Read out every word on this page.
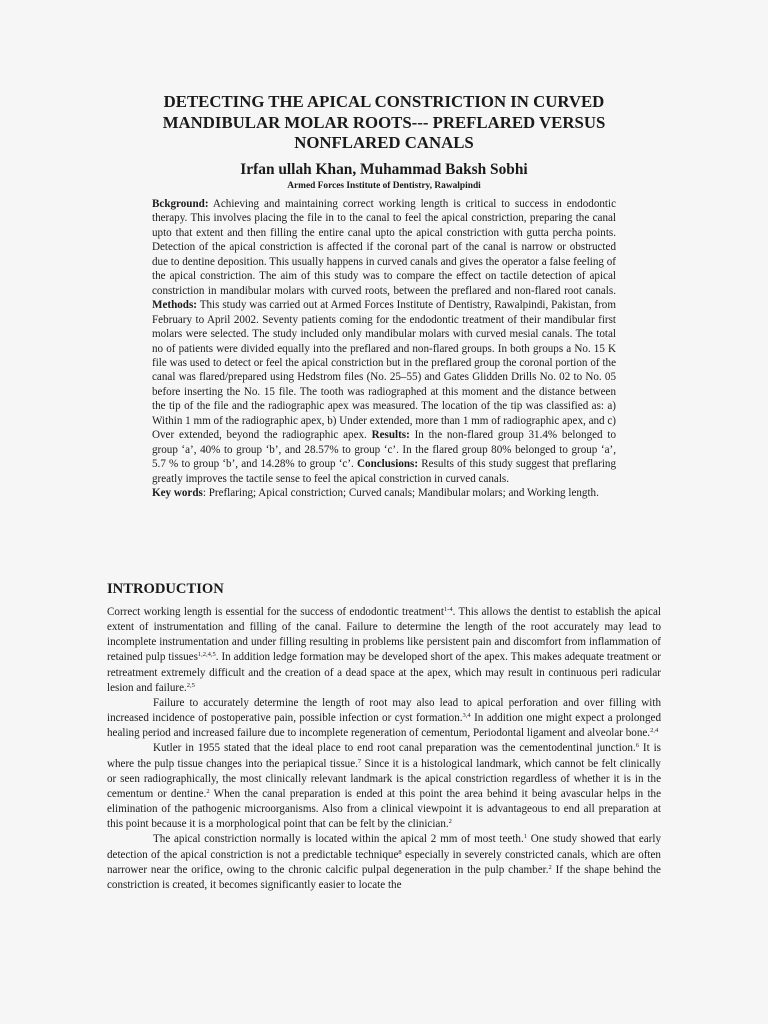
DETECTING THE APICAL CONSTRICTION IN CURVED
MANDIBULAR MOLAR ROOTS--- PREFLARED VERSUS
NONFLARED CANALS
Irfan ullah Khan, Muhammad Baksh Sobhi
Armed Forces Institute of Dentistry, Rawalpindi

Bckground: Achieving and maintaining correct working length is critical to success in endodontic therapy. This involves placing the file in to the canal to feel the apical constriction, preparing the canal upto that extent and then filling the entire canal upto the apical constriction with gutta percha points. Detection of the apical constriction is affected if the coronal part of the canal is narrow or obstructed due to dentine deposition. This usually happens in curved canals and gives the operator a false feeling of the apical constriction. The aim of this study was to compare the effect on tactile detection of apical constriction in mandibular molars with curved roots, between the preflared and non-flared root canals. Methods: This study was carried out at Armed Forces Institute of Dentistry, Rawalpindi, Pakistan, from February to April 2002. Seventy patients coming for the endodontic treatment of their mandibular first molars were selected. The study included only mandibular molars with curved mesial canals. The total no of patients were divided equally into the preflared and non-flared groups. In both groups a No. 15 K file was used to detect or feel the apical constriction but in the preflared group the coronal portion of the canal was flared/prepared using Hedstrom files (No. 25–55) and Gates Glidden Drills No. 02 to No. 05 before inserting the No. 15 file. The tooth was radiographed at this moment and the distance between the tip of the file and the radiographic apex was measured. The location of the tip was classified as: a) Within 1 mm of the radiographic apex, b) Under extended, more than 1 mm of radiographic apex, and c) Over extended, beyond the radiographic apex. Results: In the non-flared group 31.4% belonged to group ‘a’, 40% to group ‘b’, and 28.57% to group ‘c’. In the flared group 80% belonged to group ‘a’, 5.7 % to group ‘b’, and 14.28% to group ‘c’. Conclusions: Results of this study suggest that preflaring greatly improves the tactile sense to feel the apical constriction in curved canals.
Key words: Preflaring; Apical constriction; Curved canals; Mandibular molars; and Working length.

INTRODUCTION

Correct working length is essential for the success of endodontic treatment$^{1-4}$. This allows the dentist to establish the apical extent of instrumentation and filling of the canal. Failure to determine the length of the root accurately may lead to incomplete instrumentation and under filling resulting in problems like persistent pain and discomfort from inflammation of retained pulp tissues$^{1,2,4,5}$. In addition ledge formation may be developed short of the apex. This makes adequate treatment or retreatment extremely difficult and the creation of a dead space at the apex, which may result in continuous peri radicular lesion and failure.$^{2,5}$

Failure to accurately determine the length of root may also lead to apical perforation and over filling with increased incidence of postoperative pain, possible infection or cyst formation.$^{3,4}$ In addition one might expect a prolonged healing period and increased failure due to incomplete regeneration of cementum, Periodontal ligament and alveolar bone.$^{2,4}$

Kutler in 1955 stated that the ideal place to end root canal preparation was the cementodentinal junction.$^6$ It is where the pulp tissue changes into the periapical tissue.$^7$ Since it is a histological landmark, which cannot be felt clinically or seen radiographically, the most clinically relevant landmark is the apical constriction regardless of whether it is in the cementum or dentine.$^2$ When the canal preparation is ended at this point the area behind it being avascular helps in the elimination of the pathogenic microorganisms. Also from a clinical viewpoint it is advantageous to end all preparation at this point because it is a morphological point that can be felt by the clinician.$^2$

The apical constriction normally is located within the apical 2 mm of most teeth.$^1$ One study showed that early detection of the apical constriction is not a predictable technique$^8$ especially in severely constricted canals, which are often narrower near the orifice, owing to the chronic calcific pulpal degeneration in the pulp chamber.$^2$ If the shape behind the constriction is created, it becomes significantly easier to locate the
